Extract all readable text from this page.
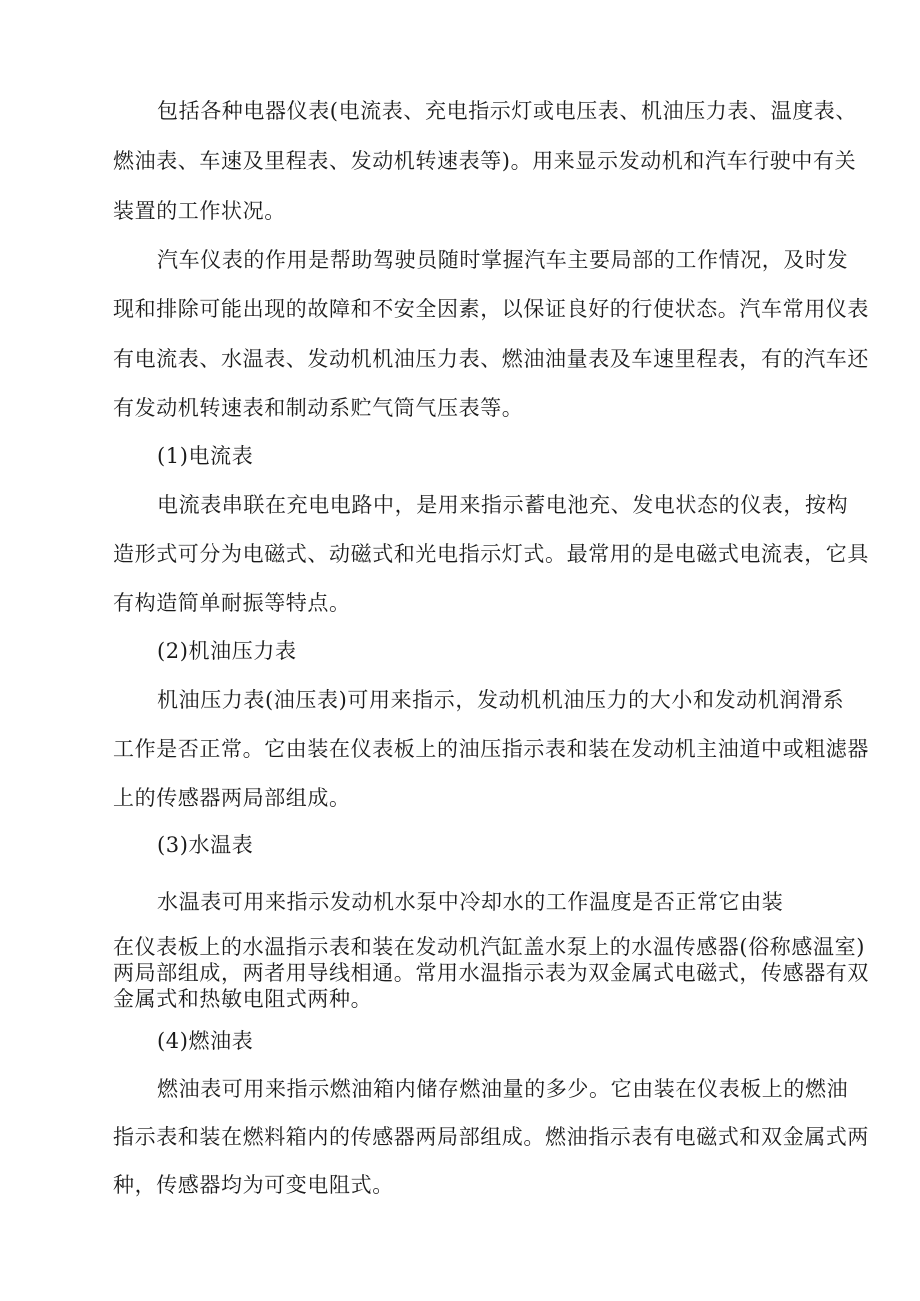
包括各种电器仪表(电流表、充电指示灯或电压表、机油压力表、温度表、
燃油表、车速及里程表、发动机转速表等)。用来显示发动机和汽车行驶中有关
装置的工作状况。
汽车仪表的作用是帮助驾驶员随时掌握汽车主要局部的工作情况，及时发
现和排除可能出现的故障和不安全因素，以保证良好的行使状态。汽车常用仪表
有电流表、水温表、发动机机油压力表、燃油油量表及车速里程表，有的汽车还
有发动机转速表和制动系贮气筒气压表等。
(1)电流表
电流表串联在充电电路中，是用来指示蓄电池充、发电状态的仪表，按构
造形式可分为电磁式、动磁式和光电指示灯式。最常用的是电磁式电流表，它具
有构造简单耐振等特点。
(2)机油压力表
机油压力表(油压表)可用来指示，发动机机油压力的大小和发动机润滑系
工作是否正常。它由装在仪表板上的油压指示表和装在发动机主油道中或粗滤器
上的传感器两局部组成。
(3)水温表
水温表可用来指示发动机水泵中冷却水的工作温度是否正常它由装
在仪表板上的水温指示表和装在发动机汽缸盖水泵上的水温传感器(俗称感温室)
两局部组成，两者用导线相通。常用水温指示表为双金属式电磁式，传感器有双
金属式和热敏电阻式两种。
(4)燃油表
燃油表可用来指示燃油箱内储存燃油量的多少。它由装在仪表板上的燃油
指示表和装在燃料箱内的传感器两局部组成。燃油指示表有电磁式和双金属式两
种，传感器均为可变电阻式。
